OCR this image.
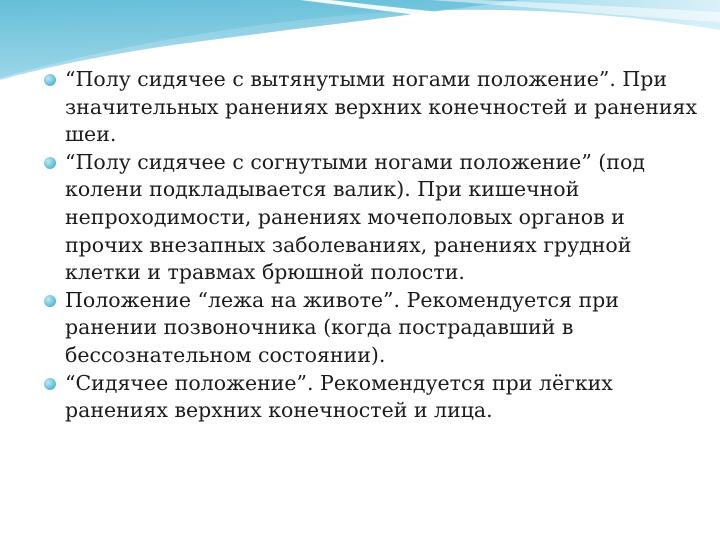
“Полу сидячее с вытянутыми ногами положение”. При значительных ранениях верхних конечностей и ранениях шеи.
“Полу сидячее с согнутыми ногами положение” (под колени подкладывается валик). При кишечной непроходимости, ранениях мочеполовых органов и прочих внезапных заболеваниях, ранениях грудной клетки и травмах брюшной полости.
Положение “лежа на животе”. Рекомендуется при ранении позвоночника (когда пострадавший в бессознательном состоянии).
“Сидячее положение”. Рекомендуется при лёгких ранениях верхних конечностей и лица.
